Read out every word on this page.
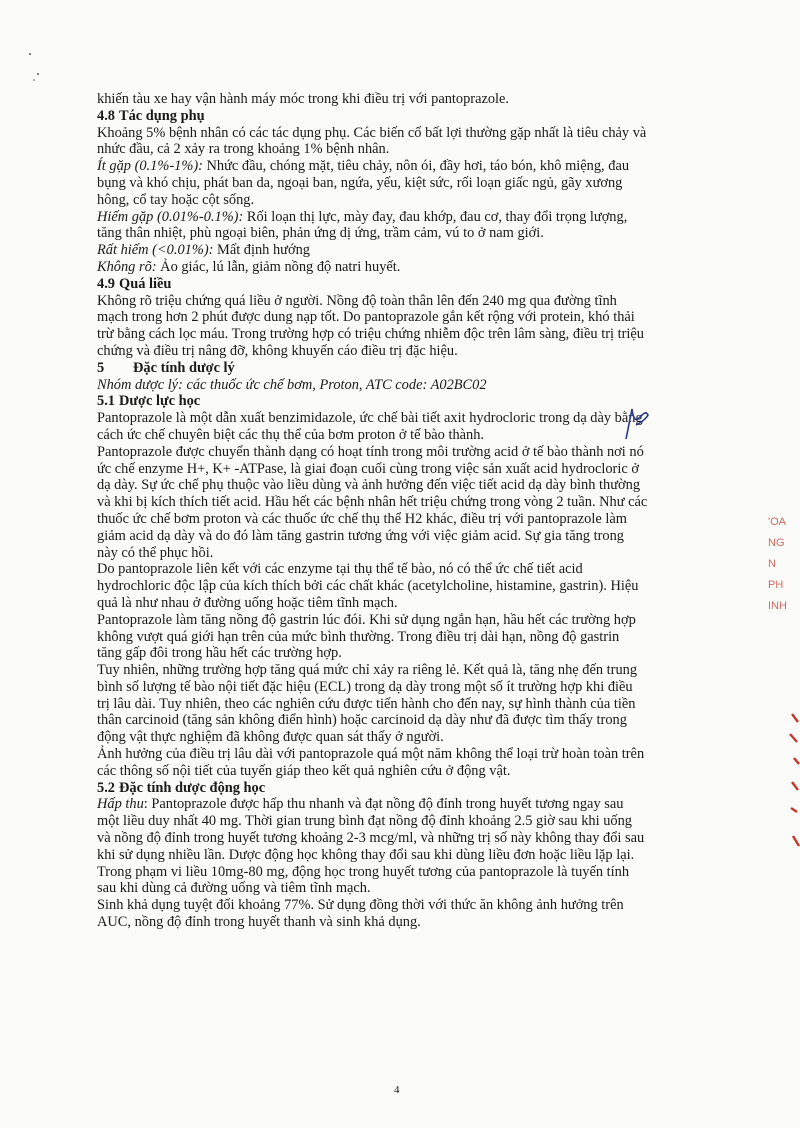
khiến tàu xe hay vận hành máy móc trong khi điều trị với pantoprazole.
4.8 Tác dụng phụ
Khoảng 5% bệnh nhân có các tác dụng phụ. Các biến cố bất lợi thường gặp nhất là tiêu chảy và
nhức đầu, cả 2 xảy ra trong khoảng 1% bệnh nhân.
Ít gặp (0.1%-1%): Nhức đầu, chóng mặt, tiêu chảy, nôn ói, đầy hơi, táo bón, khô miệng, đau
bụng và khó chịu, phát ban da, ngoại ban, ngứa, yếu, kiệt sức, rối loạn giấc ngủ, gãy xương
hông, cổ tay hoặc cột sống.
Hiếm gặp (0.01%-0.1%): Rối loạn thị lực, mày đay, đau khớp, đau cơ, thay đổi trọng lượng,
tăng thân nhiệt, phù ngoại biên, phản ứng dị ứng, trầm cảm, vú to ở nam giới.
Rất hiếm (<0.01%): Mất định hướng
Không rõ: Ảo giác, lú lẫn, giảm nồng độ natri huyết.
4.9 Quá liều
Không rõ triệu chứng quá liều ở người. Nồng độ toàn thân lên đến 240 mg qua đường tĩnh
mạch trong hơn 2 phút được dung nạp tốt. Do pantoprazole gắn kết rộng với protein, khó thải
trừ bằng cách lọc máu. Trong trường hợp có triệu chứng nhiễm độc trên lâm sàng, điều trị triệu
chứng và điều trị nâng đỡ, không khuyến cáo điều trị đặc hiệu.
5 Đặc tính dược lý
Nhóm dược lý: các thuốc ức chế bơm, Proton, ATC code: A02BC02
5.1 Dược lực học
Pantoprazole là một dẫn xuất benzimidazole, ức chế bài tiết axit hydrocloric trong dạ dày bằng
cách ức chế chuyên biệt các thụ thể của bơm proton ở tế bào thành.
Pantoprazole được chuyển thành dạng có hoạt tính trong môi trường acid ở tế bào thành nơi nó
ức chế enzyme H+, K+ -ATPase, là giai đoạn cuối cùng trong việc sản xuất acid hydrocloric ở
dạ dày. Sự ức chế phụ thuộc vào liều dùng và ảnh hưởng đến việc tiết acid dạ dày bình thường
và khi bị kích thích tiết acid. Hầu hết các bệnh nhân hết triệu chứng trong vòng 2 tuần. Như các
thuốc ức chế bơm proton và các thuốc ức chế thụ thể H2 khác, điều trị với pantoprazole làm
giảm acid dạ dày và do đó làm tăng gastrin tương ứng với việc giảm acid. Sự gia tăng trong
này có thể phục hồi.
Do pantoprazole liên kết với các enzyme tại thụ thể tế bào, nó có thể ức chế tiết acid
hydrochloric độc lập của kích thích bởi các chất khác (acetylcholine, histamine, gastrin). Hiệu
quả là như nhau ở đường uống hoặc tiêm tĩnh mạch.
Pantoprazole làm tăng nồng độ gastrin lúc đói. Khi sử dụng ngắn hạn, hầu hết các trường hợp
không vượt quá giới hạn trên của mức bình thường. Trong điều trị dài hạn, nồng độ gastrin
tăng gấp đôi trong hầu hết các trường hợp.
Tuy nhiên, những trường hợp tăng quá mức chỉ xảy ra riêng lẻ. Kết quả là, tăng nhẹ đến trung
bình số lượng tế bào nội tiết đặc hiệu (ECL) trong dạ dày trong một số ít trường hợp khi điều
trị lâu dài. Tuy nhiên, theo các nghiên cứu được tiến hành cho đến nay, sự hình thành của tiền
thân carcinoid (tăng sản không điển hình) hoặc carcinoid dạ dày như đã được tìm thấy trong
động vật thực nghiệm đã không được quan sát thấy ở người.
Ảnh hưởng của điều trị lâu dài với pantoprazole quá một năm không thể loại trừ hoàn toàn trên
các thông số nội tiết của tuyến giáp theo kết quả nghiên cứu ở động vật.
5.2 Đặc tính dược động học
Hấp thu: Pantoprazole được hấp thu nhanh và đạt nồng độ đỉnh trong huyết tương ngay sau
một liều duy nhất 40 mg. Thời gian trung bình đạt nồng độ đỉnh khoảng 2.5 giờ sau khi uống
và nồng độ đỉnh trong huyết tương khoảng 2-3 mcg/ml, và những trị số này không thay đổi sau
khi sử dụng nhiều lần. Dược động học không thay đổi sau khi dùng liều đơn hoặc liều lặp lại.
Trong phạm vi liều 10mg-80 mg, động học trong huyết tương của pantoprazole là tuyến tính
sau khi dùng cả đường uống và tiêm tĩnh mạch.
Sinh khả dụng tuyệt đối khoảng 77%. Sử dụng đồng thời với thức ăn không ảnh hưởng trên
AUC, nồng độ đỉnh trong huyết thanh và sinh khả dụng.
'OA
NG
N
PH
INH
4
